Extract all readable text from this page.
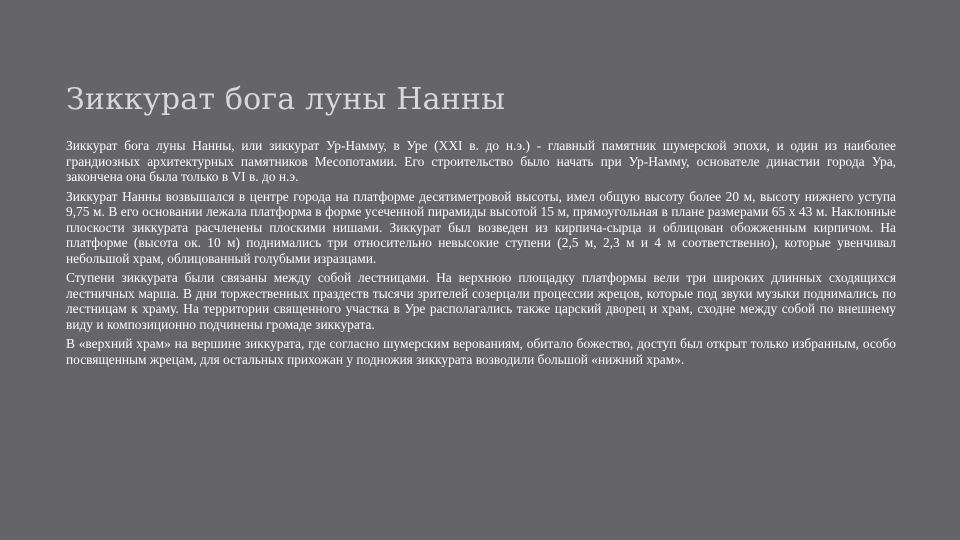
Зиккурат бога луны Нанны

Зиккурат бога луны Нанны, или зиккурат Ур-Намму, в Уре (XXI в. до н.э.) - главный памятник шумерской эпохи, и один из наиболее грандиозных архитектурных памятников Месопотамии. Его строительство было начать при Ур-Намму, основателе династии города Ура, закончена она была только в VI в. до н.э.

Зиккурат Нанны возвышался в центре города на платформе десятиметровой высоты, имел общую высоту более 20 м, высоту нижнего уступа 9,75 м. В его основании лежала платформа в форме усеченной пирамиды высотой 15 м, прямоугольная в плане размерами 65 х 43 м. Наклонные плоскости зиккурата расчленены плоскими нишами. Зиккурат был возведен из кирпича-сырца и облицован обожженным кирпичом. На платформе (высота ок. 10 м) поднимались три относительно невысокие ступени (2,5 м, 2,3 м и 4 м соответственно), которые увенчивал небольшой храм, облицованный голубыми изразцами.

Ступени зиккурата были связаны между собой лестницами. На верхнюю площадку платформы вели три широких длинных сходящихся лестничных марша. В дни торжественных праздеств тысячи зрителей созерцали процессии жрецов, которые под звуки музыки поднимались по лестницам к храму. На территории священного участка в Уре располагались также царский дворец и храм, сходне между собой по внешнему виду и композиционно подчинены громаде зиккурата.

В «верхний храм» на вершине зиккурата, где согласно шумерским верованиям, обитало божество, доступ был открыт только избранным, особо посвященным жрецам, для остальных прихожан у подножия зиккурата возводили большой «нижний храм».
